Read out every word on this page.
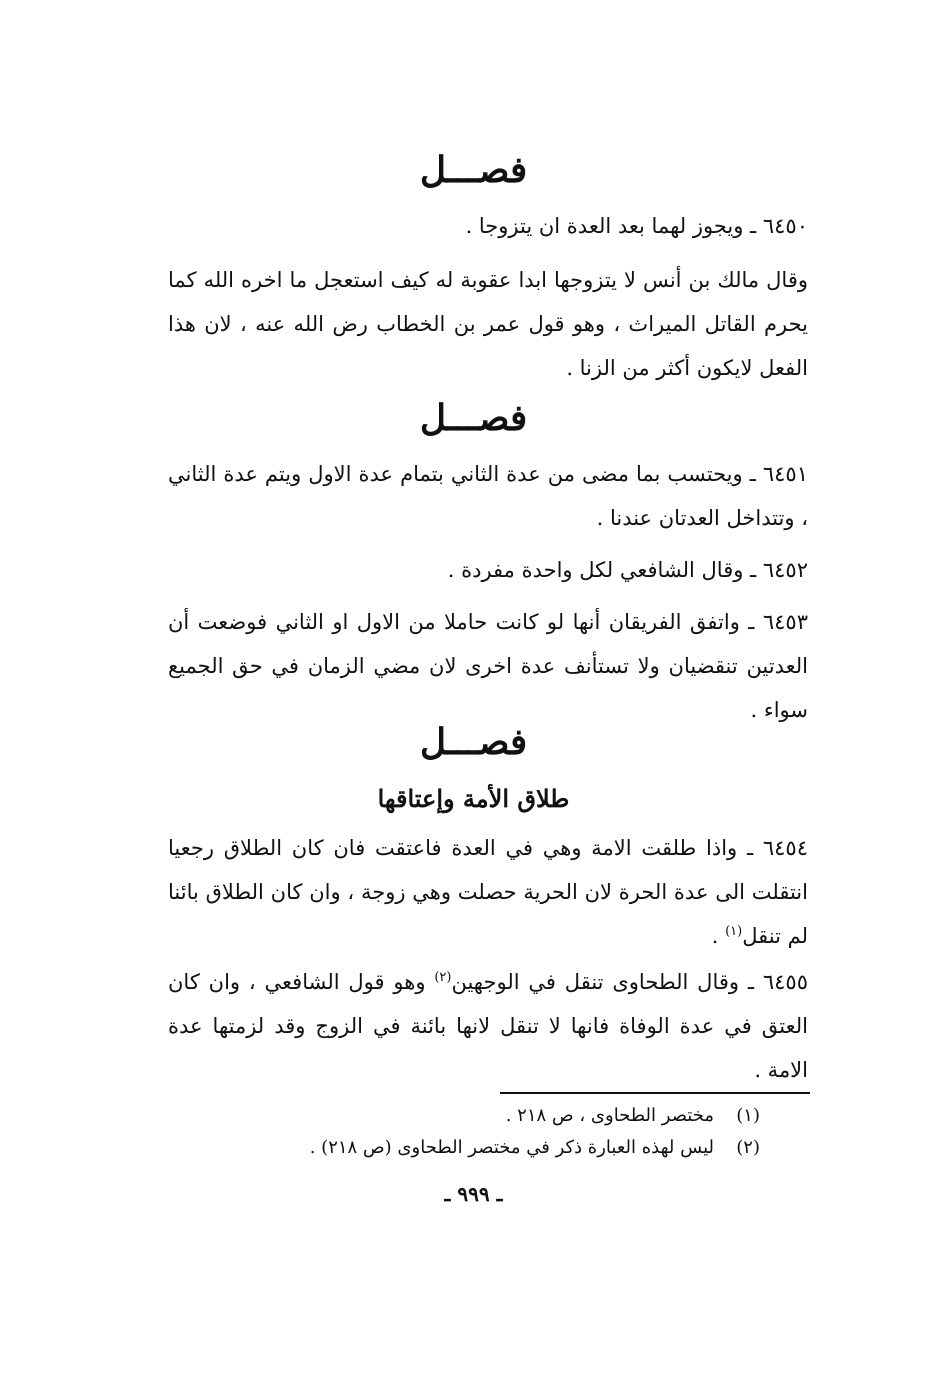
فصـــل
٦٤٥٠ ـ ويجوز لهما بعد العدة ان يتزوجا .
وقال مالك بن أنس لا يتزوجها ابدا عقوبة له كيف استعجل ما اخره الله كما يحرم القاتل الميراث ، وهو قول عمر بن الخطاب رض الله عنه ، لان هذا الفعل لايكون أكثر من الزنا .
فصـــل
٦٤٥١ ـ ويحتسب بما مضى من عدة الثاني بتمام عدة الاول ويتم عدة الثاني ، وتتداخل العدتان عندنا .
٦٤٥٢ ـ وقال الشافعي لكل واحدة مفردة .
٦٤٥٣ ـ واتفق الفريقان أنها لو كانت حاملا من الاول او الثاني فوضعت أن العدتين تنقضيان ولا تستأنف عدة اخرى لان مضي الزمان في حق الجميع سواء .
فصـــل
طلاق الأمة وإعتاقها
٦٤٥٤ ـ واذا طلقت الامة وهي في العدة فاعتقت فان كان الطلاق رجعيا انتقلت الى عدة الحرة لان الحرية حصلت وهي زوجة ، وان كان الطلاق بائنا لم تنقل$^{(١)}$ .
٦٤٥٥ ـ وقال الطحاوى تنقل في الوجهين$^{(٢)}$ وهو قول الشافعي ، وان كان العتق في عدة الوفاة فانها لا تنقل لانها بائنة في الزوج وقد لزمتها عدة الامة .
(١)مختصر الطحاوى ، ص ٢١٨ .
(٢)ليس لهذه العبارة ذكر في مختصر الطحاوى (ص ٢١٨) .
ـ ٩٩٩ ـ
